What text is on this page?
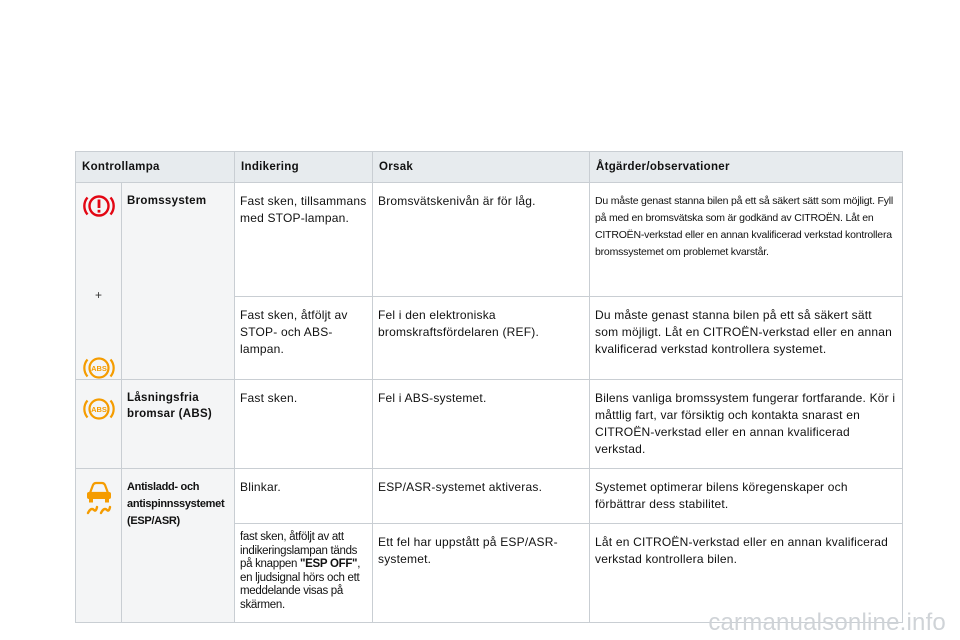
Kontrollampa		Indikering	Orsak	Åtgärder/observationer

+
ABS	Bromssystem	Fast sken, tillsammans med STOP-lampan.	Bromsvätskenivån är för låg.	Du måste genast stanna bilen på ett så säkert sätt som möjligt. Fyll på med en bromsvätska som är godkänd av CITROËN. Låt en CITROËN-verkstad eller en annan kvalificerad verkstad kontrollera bromssystemet om problemet kvarstår.
		Fast sken, åtföljt av STOP- och ABS-lampan.	Fel i den elektroniska bromskraftsfördelaren (REF).	Du måste genast stanna bilen på ett så säkert sätt som möjligt. Låt en CITROËN-verkstad eller en annan kvalificerad verkstad kontrollera systemet.

ABS	Låsningsfria bromsar (ABS)	Fast sken.	Fel i ABS-systemet.	Bilens vanliga bromssystem fungerar fortfarande. Kör i måttlig fart, var försiktig och kontakta snarast en CITROËN-verkstad eller en annan kvalificerad verkstad.

	Antisladd- och antispinnssystemet (ESP/ASR)	Blinkar.	ESP/ASR-systemet aktiveras.	Systemet optimerar bilens köregenskaper och förbättrar dess stabilitet.
		fast sken, åtföljt av att indikeringslampan tänds på knappen "ESP OFF", en ljudsignal hörs och ett meddelande visas på skärmen.	Ett fel har uppstått på ESP/ASR-systemet.	Låt en CITROËN-verkstad eller en annan kvalificerad verkstad kontrollera bilen.
carmanualsonline.info
